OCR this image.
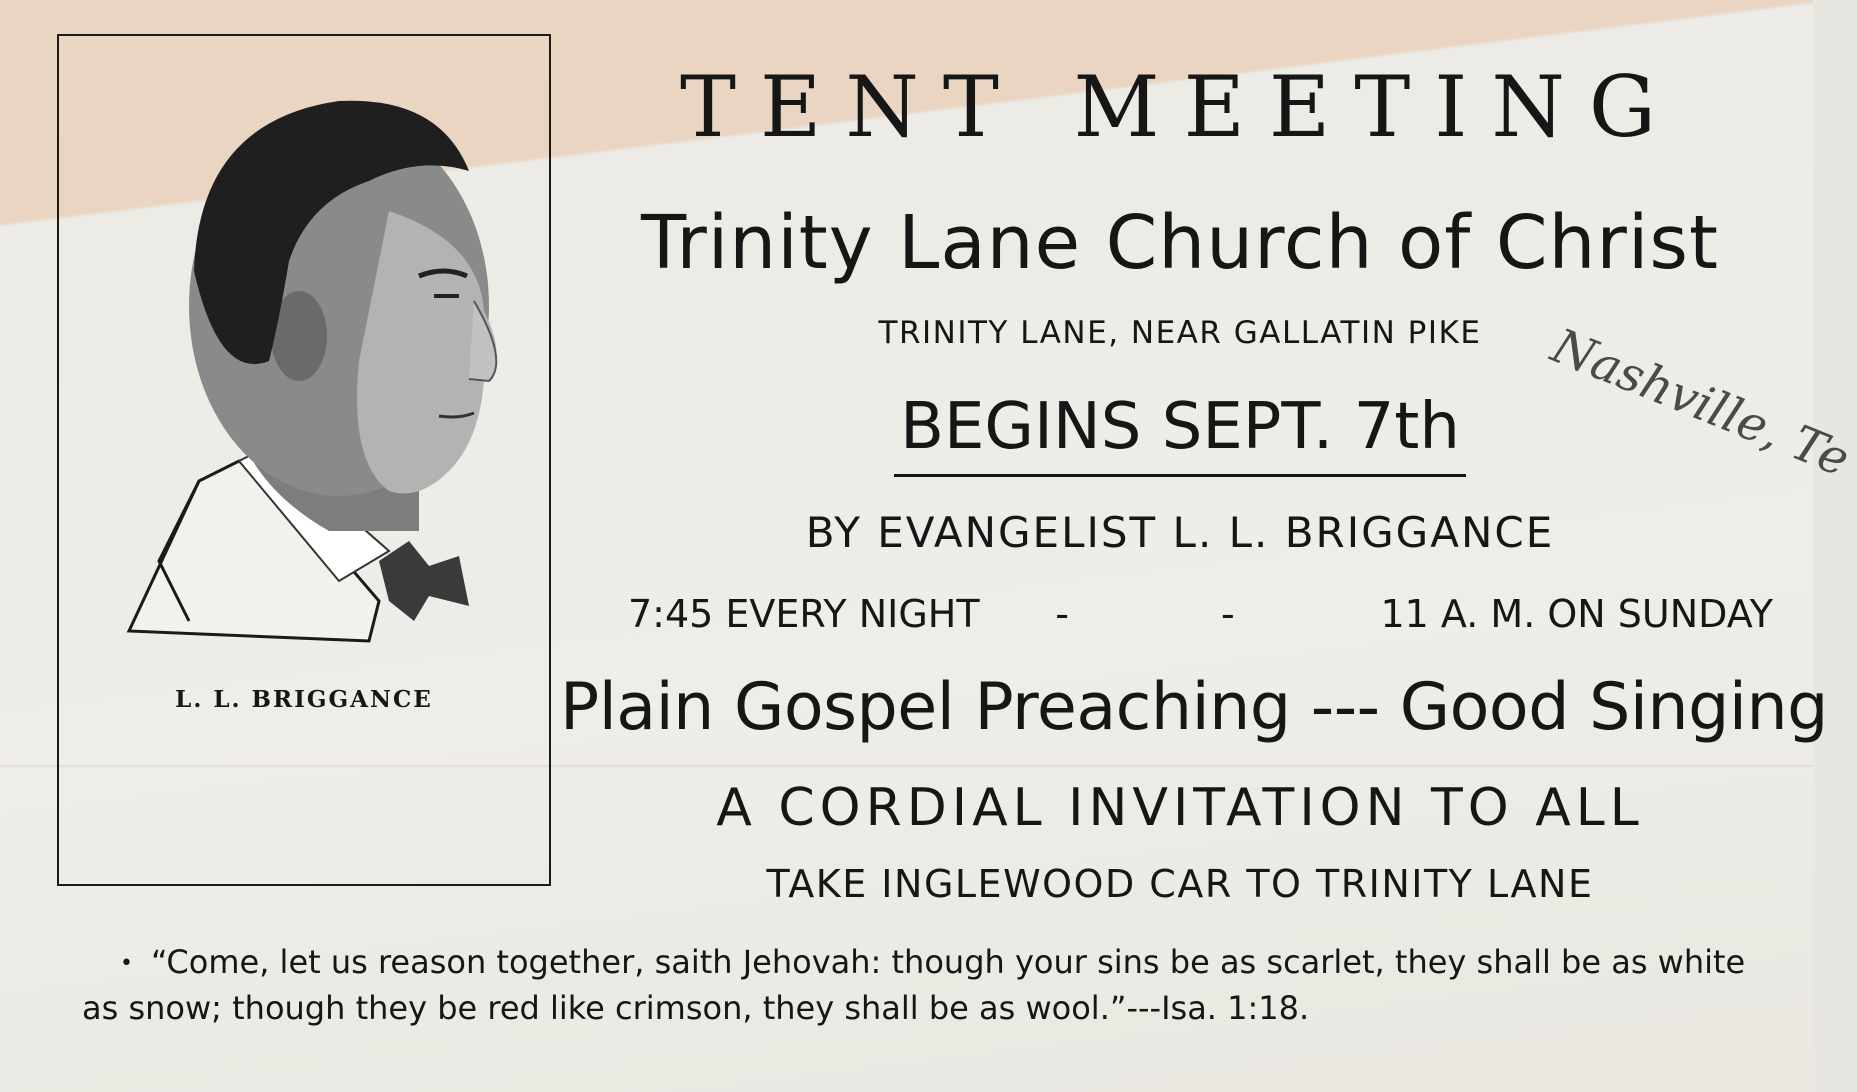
L. L. BRIGGANCE
TENT MEETING
Trinity Lane Church of Christ
TRINITY LANE, NEAR GALLATIN PIKE
BEGINS SEPT. 7th
BY EVANGELIST L. L. BRIGGANCE
7:45 EVERY NIGHT - - 11 A. M. ON SUNDAY
Plain Gospel Preaching --- Good Singing
A CORDIAL INVITATION TO ALL
TAKE INGLEWOOD CAR TO TRINITY LANE
Nashville, Te
• “Come, let us reason together, saith Jehovah: though your sins be as scarlet, they shall be as white as snow; though they be red like crimson, they shall be as wool.”---Isa. 1:18.
